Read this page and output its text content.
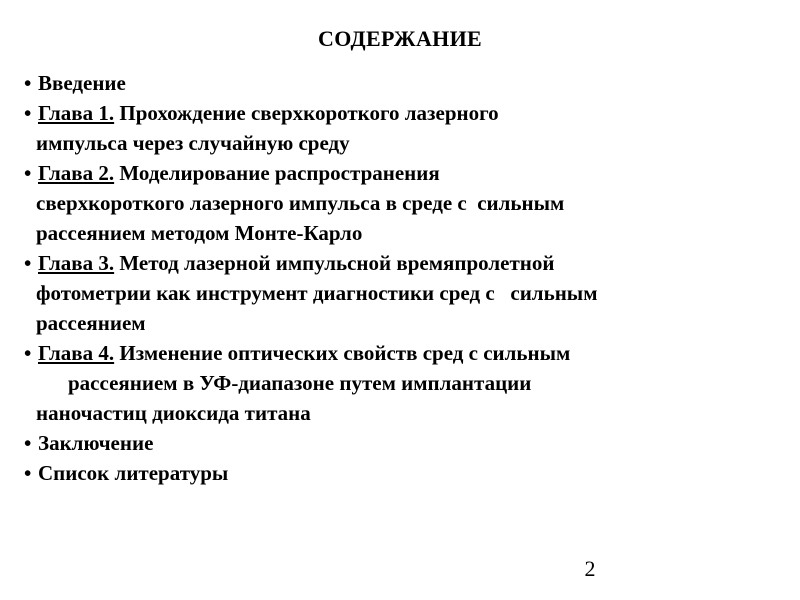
СОДЕРЖАНИЕ
• Введение
• Глава 1. Прохождение сверхкороткого лазерного
импульса через случайную среду
• Глава 2. Моделирование распространения
сверхкороткого лазерного импульса в среде с  сильным
рассеянием методом Монте-Карло
• Глава 3. Метод лазерной импульсной времяпролетной
фотометрии как инструмент диагностики сред с   сильным
рассеянием
• Глава 4. Изменение оптических свойств сред с сильным
рассеянием в УФ-диапазоне путем имплантации
наночастиц диоксида титана
• Заключение
• Список литературы
2
